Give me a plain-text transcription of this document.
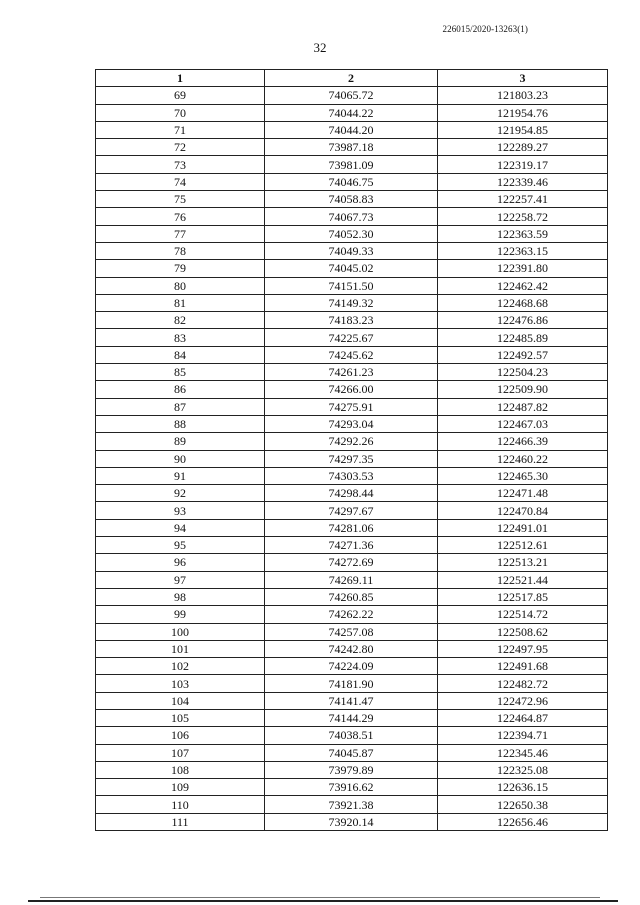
226015/2020-13263(1)
32
1	2	3
69	74065.72	121803.23
70	74044.22	121954.76
71	74044.20	121954.85
72	73987.18	122289.27
73	73981.09	122319.17
74	74046.75	122339.46
75	74058.83	122257.41
76	74067.73	122258.72
77	74052.30	122363.59
78	74049.33	122363.15
79	74045.02	122391.80
80	74151.50	122462.42
81	74149.32	122468.68
82	74183.23	122476.86
83	74225.67	122485.89
84	74245.62	122492.57
85	74261.23	122504.23
86	74266.00	122509.90
87	74275.91	122487.82
88	74293.04	122467.03
89	74292.26	122466.39
90	74297.35	122460.22
91	74303.53	122465.30
92	74298.44	122471.48
93	74297.67	122470.84
94	74281.06	122491.01
95	74271.36	122512.61
96	74272.69	122513.21
97	74269.11	122521.44
98	74260.85	122517.85
99	74262.22	122514.72
100	74257.08	122508.62
101	74242.80	122497.95
102	74224.09	122491.68
103	74181.90	122482.72
104	74141.47	122472.96
105	74144.29	122464.87
106	74038.51	122394.71
107	74045.87	122345.46
108	73979.89	122325.08
109	73916.62	122636.15
110	73921.38	122650.38
111	73920.14	122656.46
